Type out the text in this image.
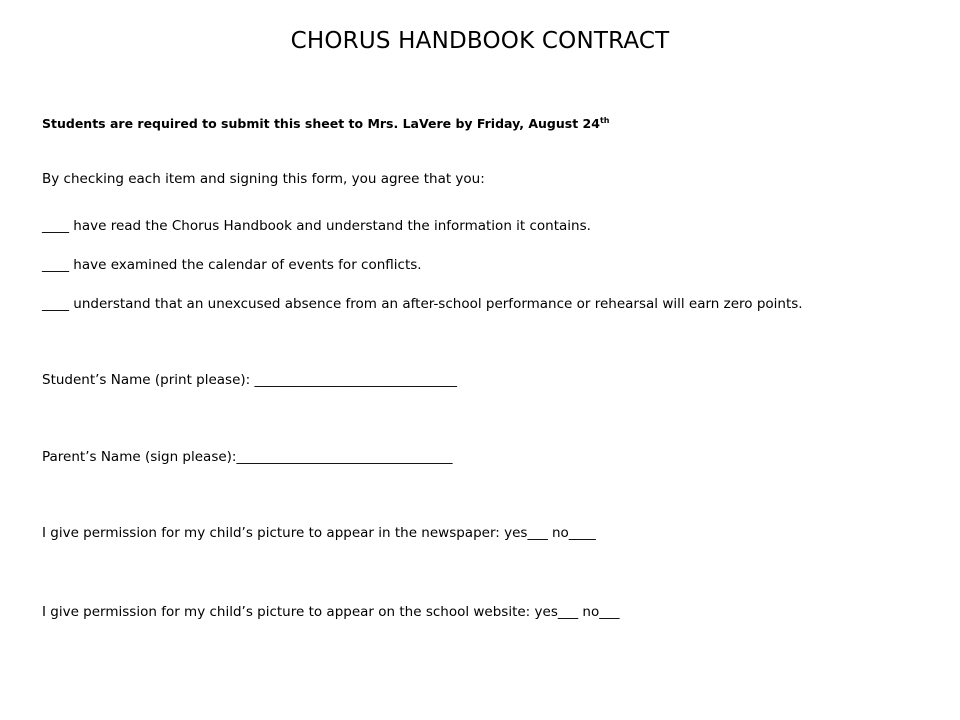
CHORUS HANDBOOK CONTRACT
Students are required to submit this sheet to Mrs. LaVere by Friday, August 24th
By checking each item and signing this form, you agree that you:
____ have read the Chorus Handbook and understand the information it contains.
____ have examined the calendar of events for conflicts.
____ understand that an unexcused absence from an after-school performance or rehearsal will earn zero points.
Student’s Name (print please): ______________________________
Parent’s Name (sign please):________________________________
I give permission for my child’s picture to appear in the newspaper: yes___ no____
I give permission for my child’s picture to appear on the school website: yes___ no___
